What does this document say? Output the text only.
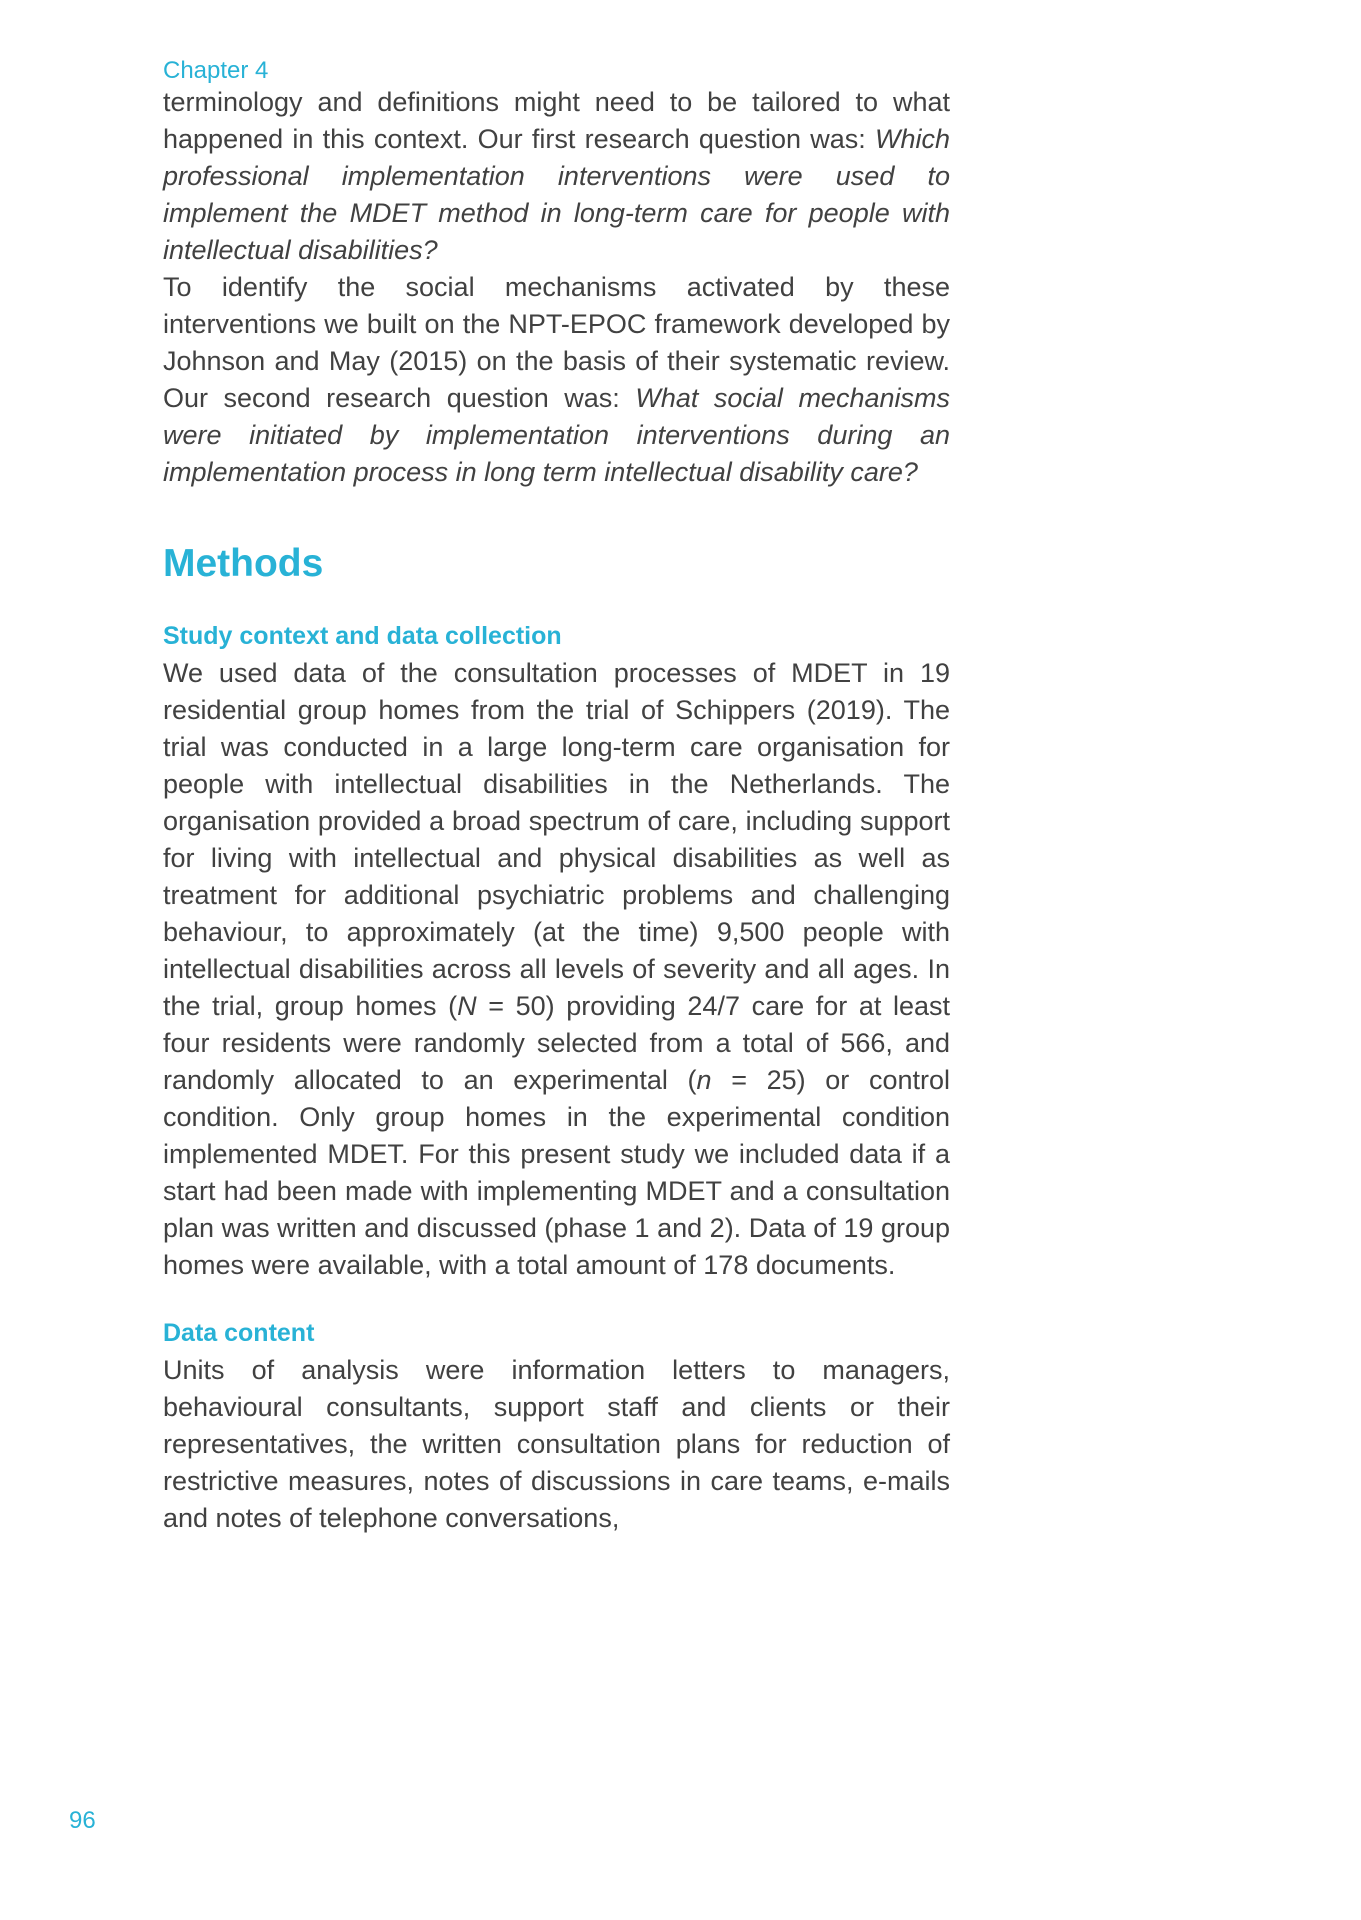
Chapter 4

terminology and definitions might need to be tailored to what happened in this context. Our first research question was: Which professional implementation interventions were used to implement the MDET method in long-term care for people with intellectual disabilities?

To identify the social mechanisms activated by these interventions we built on the NPT-EPOC framework developed by Johnson and May (2015) on the basis of their systematic review. Our second research question was: What social mechanisms were initiated by implementation interventions during an implementation process in long term intellectual disability care?

Methods
Study context and data collection

We used data of the consultation processes of MDET in 19 residential group homes from the trial of Schippers (2019). The trial was conducted in a large long-term care organisation for people with intellectual disabilities in the Netherlands. The organisation provided a broad spectrum of care, including support for living with intellectual and physical disabilities as well as treatment for additional psychiatric problems and challenging behaviour, to approximately (at the time) 9,500 people with intellectual disabilities across all levels of severity and all ages. In the trial, group homes (N = 50) providing 24/7 care for at least four residents were randomly selected from a total of 566, and randomly allocated to an experimental (n = 25) or control condition. Only group homes in the experimental condition implemented MDET. For this present study we included data if a start had been made with implementing MDET and a consultation plan was written and discussed (phase 1 and 2). Data of 19 group homes were available, with a total amount of 178 documents.

Data content

Units of analysis were information letters to managers, behavioural consultants, support staff and clients or their representatives, the written consultation plans for reduction of restrictive measures, notes of discussions in care teams, e-mails and notes of telephone conversations,

96
